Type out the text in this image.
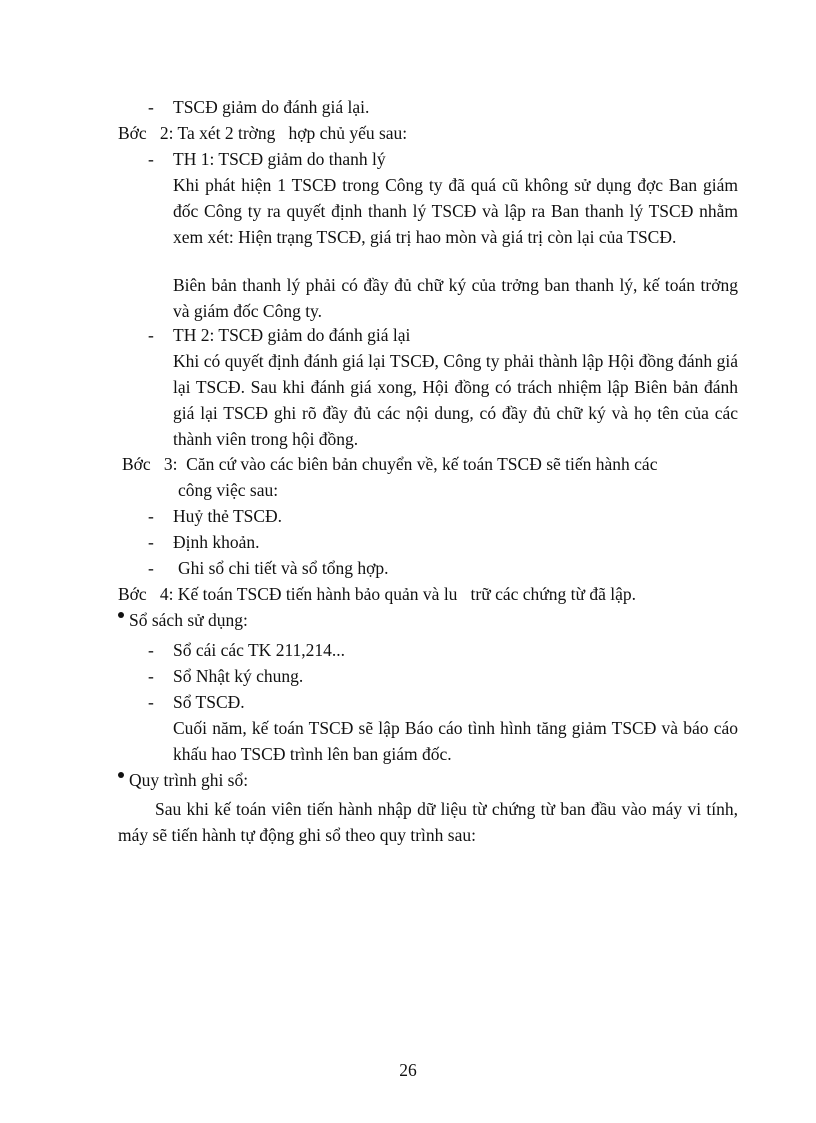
- TSCĐ giảm do đánh giá lại.
Bớc   2: Ta xét 2 trờng   hợp chủ yếu sau:
- TH 1: TSCĐ giảm do thanh lý
Khi phát hiện 1 TSCĐ trong Công ty đã quá cũ không sử dụng đợc Ban giám đốc Công ty ra quyết định thanh lý TSCĐ và lập ra Ban thanh lý TSCĐ nhằm xem xét: Hiện trạng TSCĐ, giá trị hao mòn và giá trị còn lại của TSCĐ.
Biên bản thanh lý phải có đầy đủ chữ ký của trởng ban thanh lý, kế toán trởng và giám đốc Công ty.
- TH 2: TSCĐ giảm do đánh giá lại
Khi có quyết định đánh giá lại TSCĐ, Công ty phải thành lập Hội đồng đánh giá lại TSCĐ. Sau khi đánh giá xong, Hội đồng có trách nhiệm lập Biên bản đánh giá lại TSCĐ ghi rõ đầy đủ các nội dung, có đầy đủ chữ ký và họ tên của các thành viên trong hội đồng.
Bớc   3:  Căn cứ vào các biên bản chuyển về, kế toán TSCĐ sẽ tiến hành các
công việc sau:
- Huỷ thẻ TSCĐ.
- Định khoản.
- Ghi sổ chi tiết và sổ tổng hợp.
Bớc   4: Kế toán TSCĐ tiến hành bảo quản và lu   trữ các chứng từ đã lập.
Sổ sách sử dụng:
- Sổ cái các TK 211,214...
- Sổ Nhật ký chung.
- Sổ TSCĐ.
Cuối năm, kế toán TSCĐ sẽ lập Báo cáo tình hình tăng giảm TSCĐ và báo cáo khấu hao TSCĐ trình lên ban giám đốc.
Quy trình ghi sổ:
Sau khi kế toán viên tiến hành nhập dữ liệu từ chứng từ ban đầu vào máy vi tính, máy sẽ tiến hành tự động ghi sổ theo quy trình sau:
26
